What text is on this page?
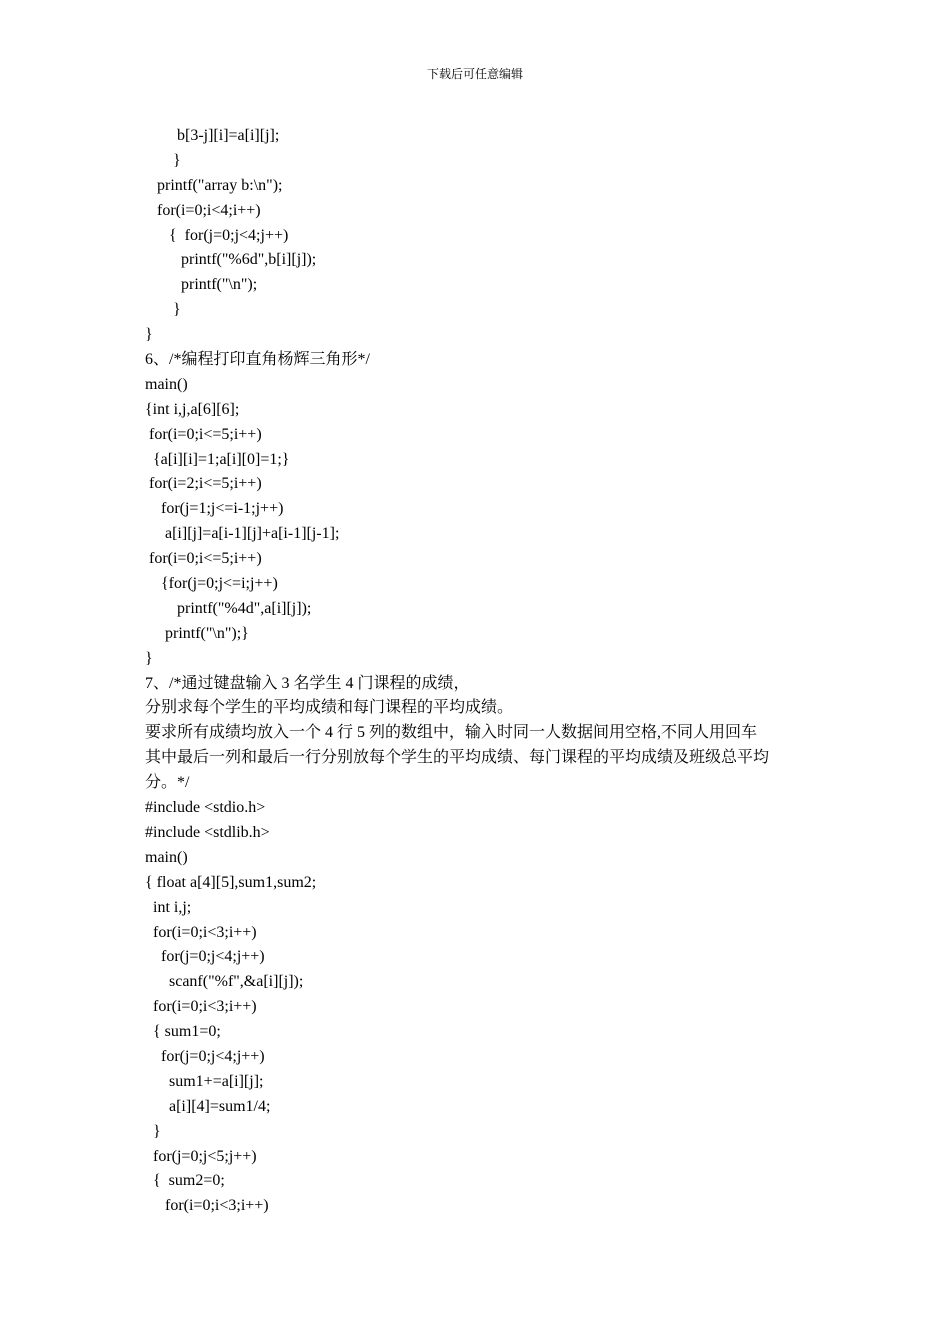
下载后可任意编辑
b[3-j][i]=a[i][j];
}
printf("array b:\n");
for(i=0;i<4;i++)
{  for(j=0;j<4;j++)
printf("%6d",b[i][j]);
printf("\n");
}
}
6、/*编程打印直角杨辉三角形*/
main()
{int i,j,a[6][6];
for(i=0;i<=5;i++)
{a[i][i]=1;a[i][0]=1;}
for(i=2;i<=5;i++)
for(j=1;j<=i-1;j++)
a[i][j]=a[i-1][j]+a[i-1][j-1];
for(i=0;i<=5;i++)
{for(j=0;j<=i;j++)
printf("%4d",a[i][j]);
printf("\n");}
}
7、/*通过键盘输入 3 名学生 4 门课程的成绩，
分别求每个学生的平均成绩和每门课程的平均成绩。
要求所有成绩均放入一个 4 行 5 列的数组中，输入时同一人数据间用空格,不同人用回车
其中最后一列和最后一行分别放每个学生的平均成绩、每门课程的平均成绩及班级总平均
分。*/
#include <stdio.h>
#include <stdlib.h>
main()
{ float a[4][5],sum1,sum2;
int i,j;
for(i=0;i<3;i++)
for(j=0;j<4;j++)
scanf("%f",&a[i][j]);
for(i=0;i<3;i++)
{ sum1=0;
for(j=0;j<4;j++)
sum1+=a[i][j];
a[i][4]=sum1/4;
}
for(j=0;j<5;j++)
{  sum2=0;
for(i=0;i<3;i++)
